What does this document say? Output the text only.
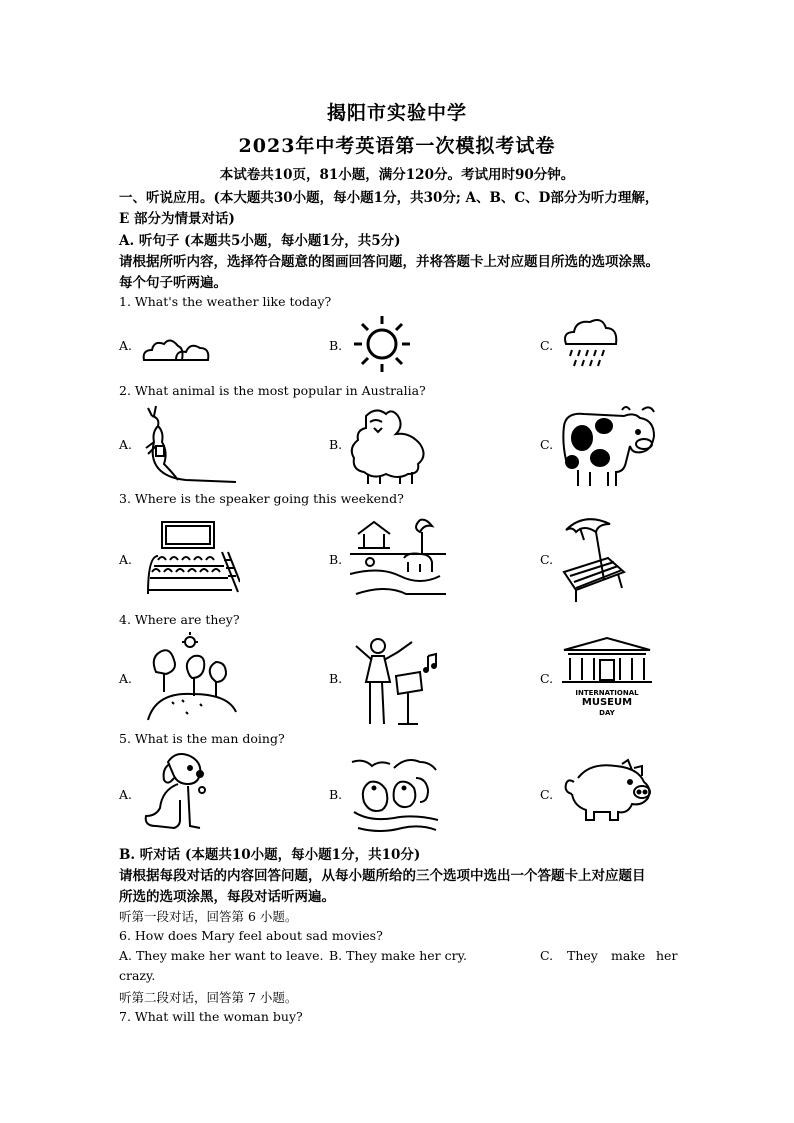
揭阳市实验中学
2023年中考英语第一次模拟考试卷
本试卷共10页，81小题，满分120分。考试用时90分钟。
一、听说应用。(本大题共30小题，每小题1分，共30分; A、B、C、D部分为听力理解，
E 部分为情景对话)
A. 听句子 (本题共5小题，每小题1分，共5分)
请根据所听内容，选择符合题意的图画回答问题，并将答题卡上对应题目所选的选项涂黑。
每个句子听两遍。
1. What's the weather like today?
A.	B.	C.
2. What animal is the most popular in Australia?
A.	B.	C.
3. Where is the speaker going this weekend?
A.	B.	C.
4. Where are they?
A.	B.	C.
INTERNATIONAL
MUSEUM
DAY
5. What is the man doing?
A.	B.	C.
B. 听对话 (本题共10小题，每小题1分，共10分)
请根据每段对话的内容回答问题，从每小题所给的三个选项中选出一个答题卡上对应题目
所选的选项涂黑，每段对话听两遍。
听第一段对话，回答第 6 小题。
6. How does Mary feel about sad movies?
A. They make her want to leave. B. They make her cry.	C. They make her
crazy.
听第二段对话，回答第 7 小题。
7. What will the woman buy?
